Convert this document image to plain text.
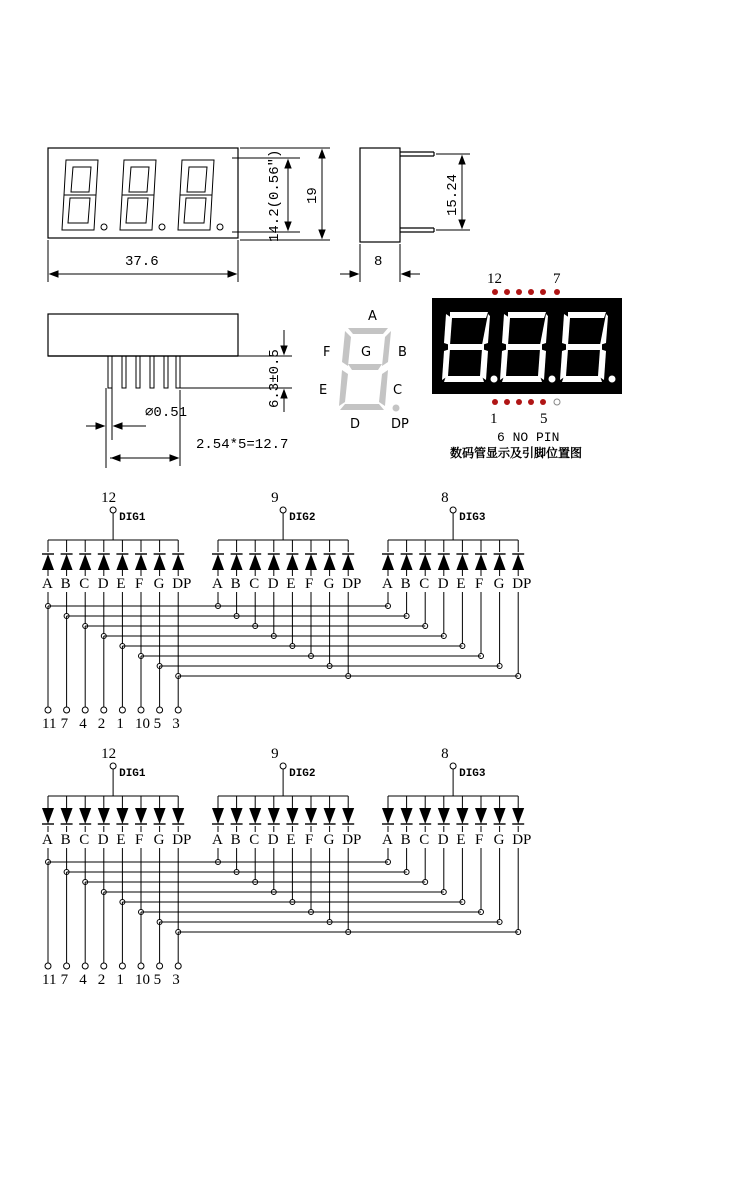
37.6
14.2(0.56") 19
8
15.24
6.3±0.5
⌀0.51
2.54*5=12.7
A
B
C
D
E
F G
DP
12	7
1	5
6 NO PIN
数码管显示及引脚位置图
12
DIG1
A B C D E F G DP
9
DIG2
A B C D E F G DP
8
DIG3
A B C D E F G DP
11 7 4 2 1 10 5 3
12
DIG1
A B C D E F G DP
9
DIG2
A B C D E F G DP
8
DIG3
A B C D E F G DP
11 7 4 2 1 10 5 3
